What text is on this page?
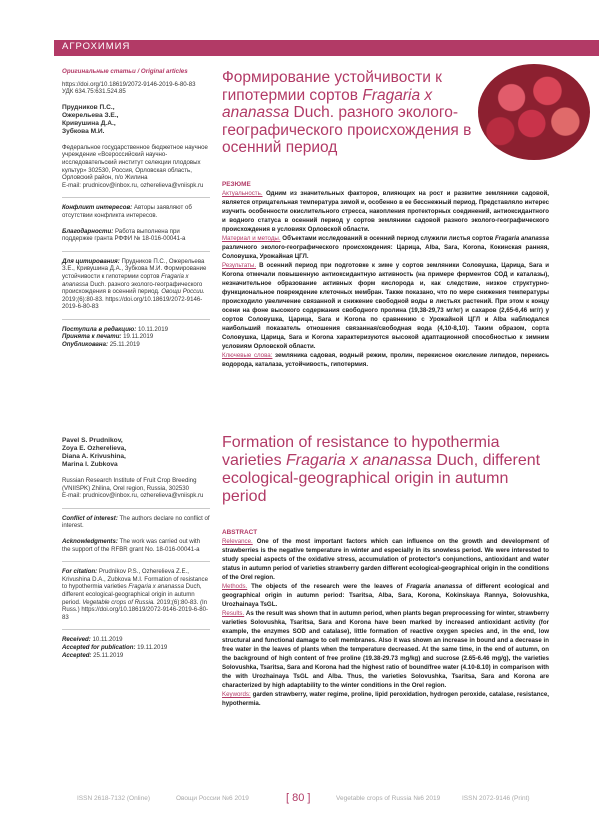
АГРОХИМИЯ
Оригинальные статьи / Original articles
https://doi.org/10.18619/2072-9146-2019-6-80-83
УДК 634.75:631.524.85
Прудников П.С.,
Ожерельева З.Е.,
Кривушина Д.А.,
Зубкова М.И.
Федеральное государственное бюджетное научное учреждение «Всероссийский научно-исследовательский институт селекции плодовых культур» 302530, Россия, Орловская область, Орловский район, п/о Жилина
E-mail: prudnicov@inbox.ru, ozherelieva@vniispk.ru
Конфликт интересов: Авторы заявляют об отсутствии конфликта интересов.
Благодарности: Работа выполнена при поддержке гранта РФФИ № 18-016-00041-а
Для цитирования: Прудников П.С., Ожерельева З.Е., Кривушина Д.А., Зубкова М.И. Формирование устойчивости к гипотермии сортов Fragaria x ananassa Duch. разного эколого-географического происхождения в осенний период. Овощи России. 2019;(6):80-83. https://doi.org/10.18619/2072-9146-2019-6-80-83
Поступила в редакцию: 10.11.2019
Принята к печати: 19.11.2019
Опубликована: 25.11.2019
Pavel S. Prudnikov,
Zoya E. Ozherelieva,
Diana A. Krivushina,
Marina I. Zubkova
Russian Research Institute of Fruit Crop Breeding (VNIISPK) Zhilina, Orel region, Russia, 302530
E-mail: prudnicov@inbox.ru, ozherelieva@vniispk.ru
Conflict of interest: The authors declare no conflict of interest.
Acknowledgments: The work was carried out with the support of the RFBR grant No. 18-016-00041-a
For citation: Prudnikov P.S., Ozherelieva Z.E., Krivushina D.A., Zubkova M.I. Formation of resistance to hypothermia varieties Fragaria x ananassa Duch, different ecological-geographical origin in autumn period. Vegetable crops of Russia. 2019;(6):80-83. (In Russ.) https://doi.org/10.18619/2072-9146-2019-6-80-83
Received: 10.11.2019
Accepted for publication: 19.11.2019
Accepted: 25.11.2019
Формирование устойчивости к гипотермии сортов Fragaria x ananassa Duch. разного эколого-географического происхождения в осенний период
РЕЗЮМЕ
Актуальность. Одним из значительных факторов, влияющих на рост и развитие земляники садовой, является отрицательная температура зимой и, особенно в ее бесснежный период. Представляло интерес изучить особенности окислительного стресса, накопления протекторных соединений, антиоксидантного и водного статуса в осенний период у сортов земляники садовой разного эколого-географического происхождения в условиях Орловской области.
Материал и методы. Объектами исследований в осенний период служили листья сортов Fragaria ananassa различного эколого-географического происхождения: Царица, Alba, Sara, Korona, Кокинская ранняя, Соловушка, Урожайная ЦГЛ.
Результаты. В осенний период при подготовке к зиме у сортов земляники Соловушка, Царица, Sara и Korona отмечали повышенную антиоксидантную активность (на примере ферментов СОД и каталазы), незначительное образование активных форм кислорода и, как следствие, низкое структурно-функциональное повреждение клеточных мембран. Также показано, что по мере снижения температуры происходило увеличение связанной и снижение свободной воды в листьях растений. При этом к концу осени на фоне высокого содержания свободного пролина (19,38-29,73 мг/кг) и сахаров (2,65-6,46 мг/г) у сортов Соловушка, Царица, Sara и Korona по сравнению с Урожайной ЦГЛ и Alba наблюдался наибольший показатель отношения связанная/свободная вода (4,10-8,10). Таким образом, сорта Соловушка, Царица, Sara и Korona характеризуются высокой адаптационной способностью к зимним условиям Орловской области.
Ключевые слова: земляника садовая, водный режим, пролин, перекисное окисление липидов, перекись водорода, каталаза, устойчивость, гипотермия.
Formation of resistance to hypothermia varieties Fragaria x ananassa Duch, different ecological-geographical origin in autumn period
ABSTRACT
Relevance. One of the most important factors which can influence on the growth and development of strawberries is the negative temperature in winter and especially in its snowless period. We were interested to study special aspects of the oxidative stress, accumulation of protector's conjunctions, antioxidant and water status in autumn period of varieties strawberry garden different ecological-geographical origin in the conditions of the Orel region.
Methods. The objects of the research were the leaves of Fragaria ananassa of different ecological and geographical origin in autumn period: Tsaritsa, Alba, Sara, Korona, Kokinskaya Rannya, Solovushka, Urozhainaya TsGL.
Results. As the result was shown that in autumn period, when plants began preprocessing for winter, strawberry varieties Solovushka, Tsaritsa, Sara and Korona have been marked by increased antioxidant activity (for example, the enzymes SOD and catalase), little formation of reactive oxygen species and, in the end, low structural and functional damage to cell membranes. Also it was shown an increase in bound and a decrease in free water in the leaves of plants when the temperature decreased. At the same time, in the end of autumn, on the background of high content of free proline (19.38-29.73 mg/kg) and sucrose (2.65-6.46 mg/g), the varieties Solovushka, Tsaritsa, Sara and Korona had the highest ratio of bound/free water (4.10-8.10) in comparison with the with Urozhainaya TsGL and Alba. Thus, the varieties Solovushka, Tsaritsa, Sara and Korona are characterized by high adaptability to the winter conditions in the Orel region.
Keywords: garden strawberry, water regime, proline, lipid peroxidation, hydrogen peroxide, catalase, resistance, hypothermia.
ISSN 2618-7132 (Online)	Овощи России №6 2019	[ 80 ]	Vegetable crops of Russia №6 2019	ISSN 2072-9146 (Print)
